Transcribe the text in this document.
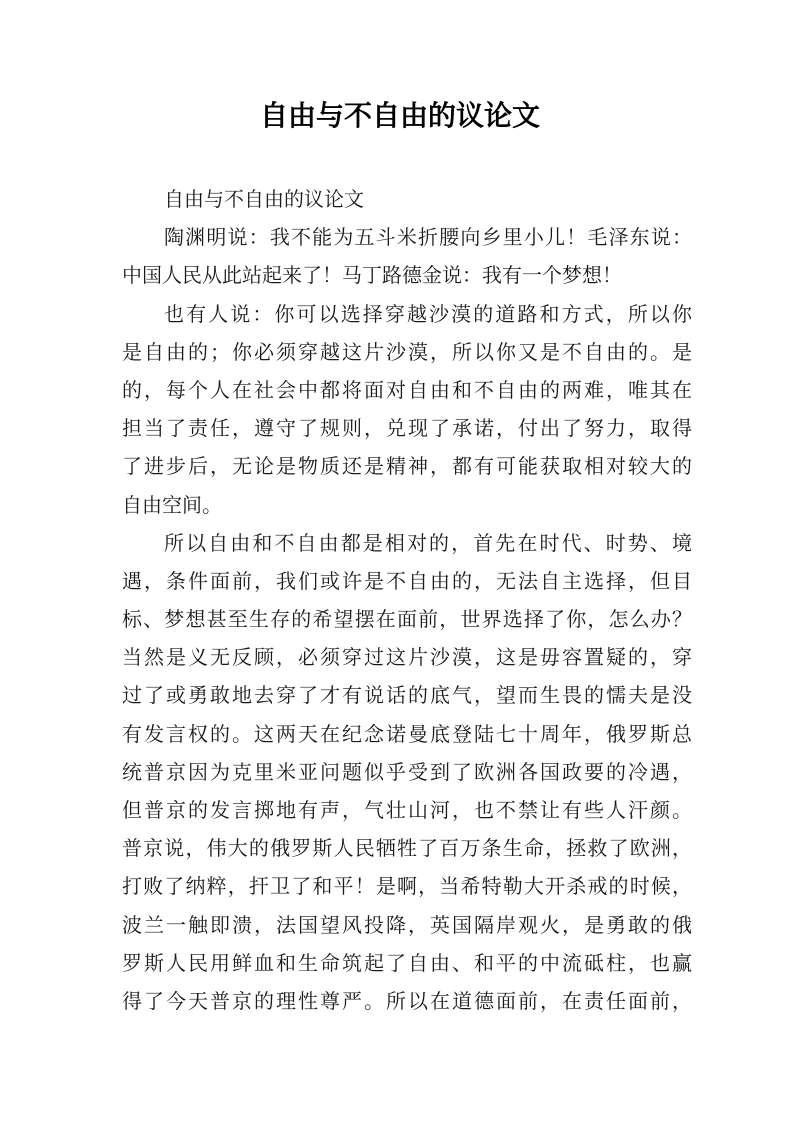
自由与不自由的议论文
自由与不自由的议论文
陶渊明说：我不能为五斗米折腰向乡里小儿！毛泽东说：
中国人民从此站起来了！马丁路德金说：我有一个梦想！
也有人说：你可以选择穿越沙漠的道路和方式，所以你
是自由的；你必须穿越这片沙漠，所以你又是不自由的。是
的，每个人在社会中都将面对自由和不自由的两难，唯其在
担当了责任，遵守了规则，兑现了承诺，付出了努力，取得
了进步后，无论是物质还是精神，都有可能获取相对较大的
自由空间。
所以自由和不自由都是相对的，首先在时代、时势、境
遇，条件面前，我们或许是不自由的，无法自主选择，但目
标、梦想甚至生存的希望摆在面前，世界选择了你，怎么办？
当然是义无反顾，必须穿过这片沙漠，这是毋容置疑的，穿
过了或勇敢地去穿了才有说话的底气，望而生畏的懦夫是没
有发言权的。这两天在纪念诺曼底登陆七十周年，俄罗斯总
统普京因为克里米亚问题似乎受到了欧洲各国政要的冷遇，
但普京的发言掷地有声，气壮山河，也不禁让有些人汗颜。
普京说，伟大的俄罗斯人民牺牲了百万条生命，拯救了欧洲，
打败了纳粹，扞卫了和平！是啊，当希特勒大开杀戒的时候，
波兰一触即溃，法国望风投降，英国隔岸观火，是勇敢的俄
罗斯人民用鲜血和生命筑起了自由、和平的中流砥柱，也赢
得了今天普京的理性尊严。所以在道德面前，在责任面前，
